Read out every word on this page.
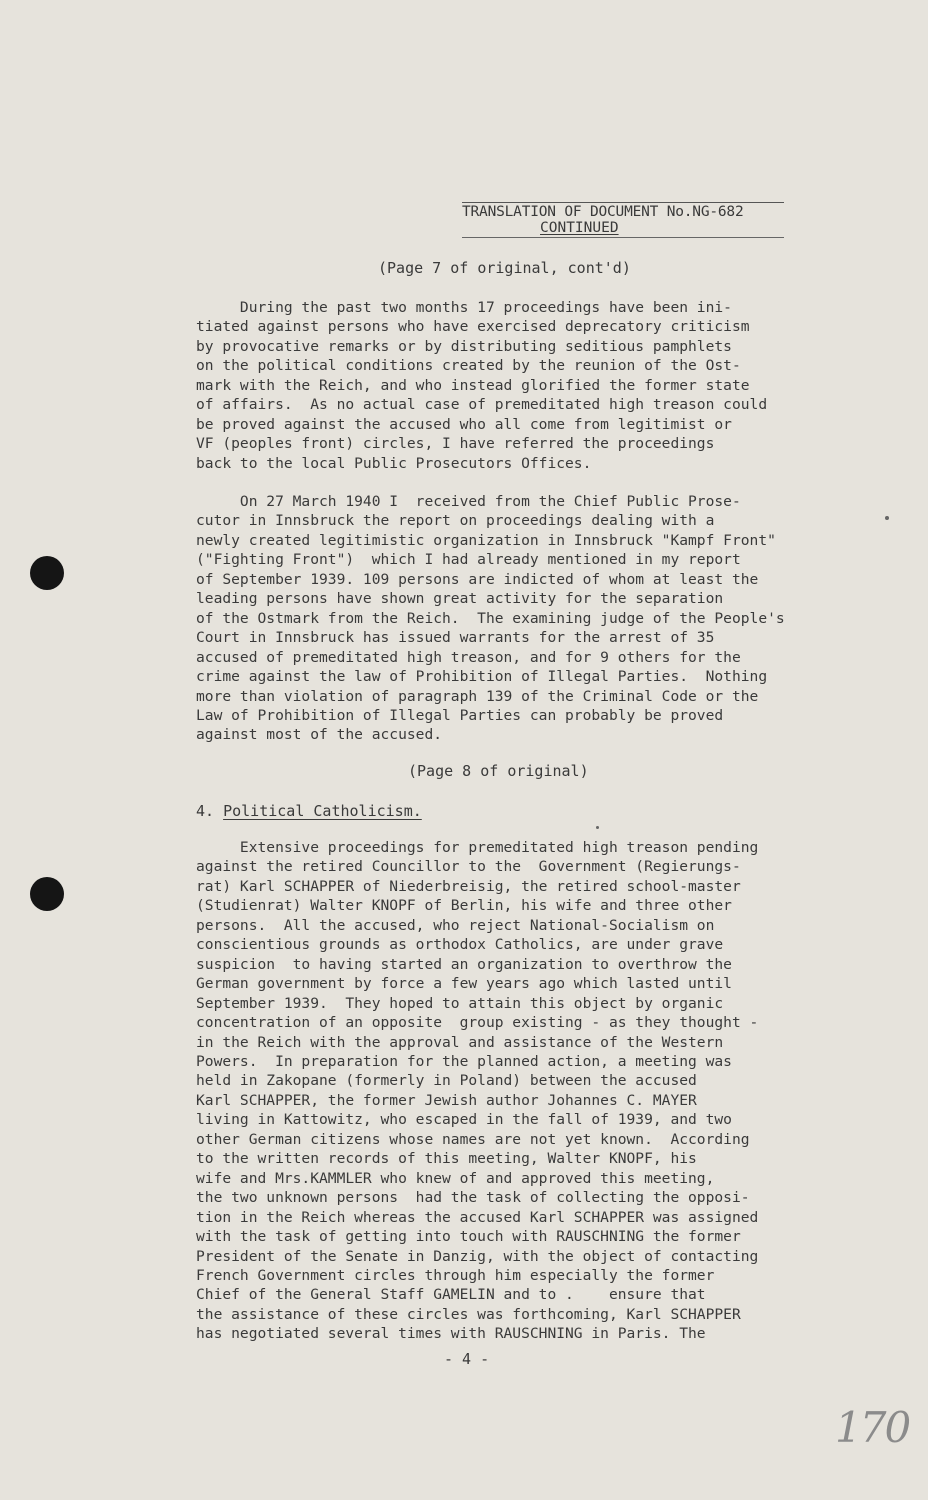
TRANSLATION OF DOCUMENT No.NG-682
CONTINUED
(Page 7 of original, cont'd)

During the past two months 17 proceedings have been ini-

tiated against persons who have exercised deprecatory criticism

by provocative remarks or by distributing seditious pamphlets

on the political conditions created by the reunion of the Ost-

mark with the Reich, and who instead glorified the former state

of affairs.  As no actual case of premeditated high treason could

be proved against the accused who all come from legitimist or

VF (peoples front) circles, I have referred the proceedings

back to the local Public Prosecutors Offices.

On 27 March 1940 I  received from the Chief Public Prose-

cutor in Innsbruck the report on proceedings dealing with a

newly created legitimistic organization in Innsbruck "Kampf Front"

("Fighting Front")  which I had already mentioned in my report

of September 1939. 109 persons are indicted of whom at least the

leading persons have shown great activity for the separation

of the Ostmark from the Reich.  The examining judge of the People's

Court in Innsbruck has issued warrants for the arrest of 35

accused of premeditated high treason, and for 9 others for the

crime against the law of Prohibition of Illegal Parties.  Nothing

more than violation of paragraph 139 of the Criminal Code or the

Law of Prohibition of Illegal Parties can probably be proved

against most of the accused.

(Page 8 of original)
4. Political Catholicism.

Extensive proceedings for premeditated high treason pending

against the retired Councillor to the  Government (Regierungs-

rat) Karl SCHAPPER of Niederbreisig, the retired school-master

(Studienrat) Walter KNOPF of Berlin, his wife and three other

persons.  All the accused, who reject National-Socialism on

conscientious grounds as orthodox Catholics, are under grave

suspicion  to having started an organization to overthrow the

German government by force a few years ago which lasted until

September 1939.  They hoped to attain this object by organic

concentration of an opposite  group existing - as they thought -

in the Reich with the approval and assistance of the Western

Powers.  In preparation for the planned action, a meeting was

held in Zakopane (formerly in Poland) between the accused

Karl SCHAPPER, the former Jewish author Johannes C. MAYER

living in Kattowitz, who escaped in the fall of 1939, and two

other German citizens whose names are not yet known.  According

to the written records of this meeting, Walter KNOPF, his

wife and Mrs.KAMMLER who knew of and approved this meeting,

the two unknown persons  had the task of collecting the opposi-

tion in the Reich whereas the accused Karl SCHAPPER was assigned

with the task of getting into touch with RAUSCHNING the former

President of the Senate in Danzig, with the object of contacting

French Government circles through him especially the former

Chief of the General Staff GAMELIN and to .    ensure that

the assistance of these circles was forthcoming, Karl SCHAPPER

has negotiated several times with RAUSCHNING in Paris. The

- 4 -
170
